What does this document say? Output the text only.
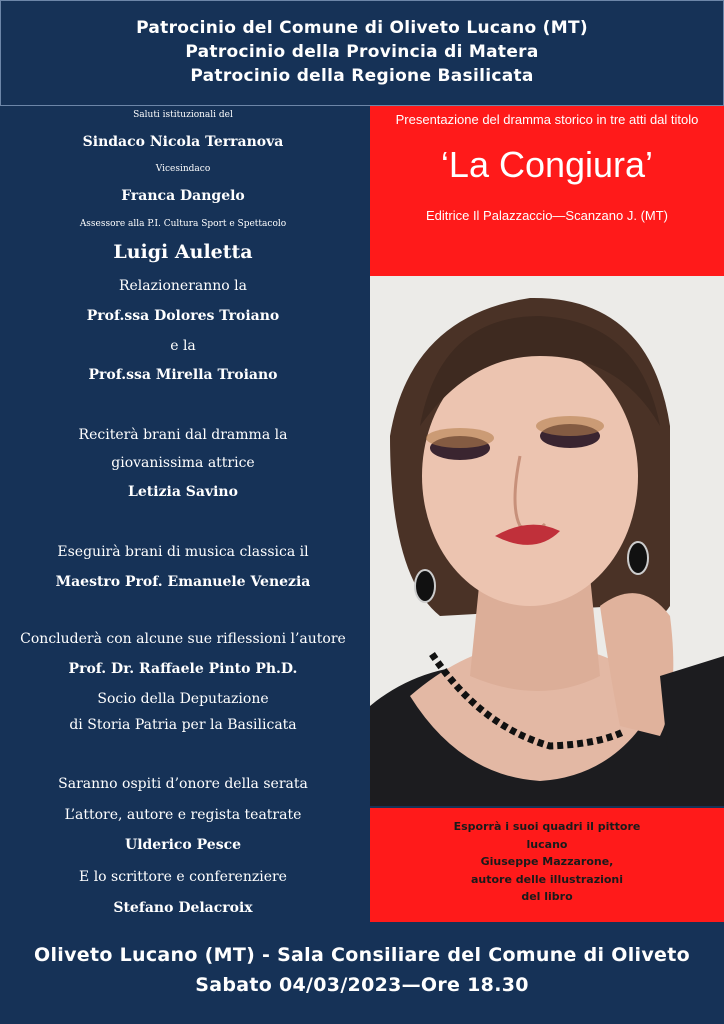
Patrocinio del Comune di Oliveto Lucano (MT)
Patrocinio della Provincia di Matera
Patrocinio della Regione Basilicata
Saluti istituzionali del
Sindaco Nicola Terranova
Vicesindaco
Franca Dangelo
Assessore alla P.I. Cultura Sport e Spettacolo
Luigi Auletta
Relazioneranno la
Prof.ssa Dolores Troiano
e la
Prof.ssa Mirella Troiano
Reciterà brani dal dramma la
giovanissima attrice
Letizia Savino
Eseguirà brani di musica classica il
Maestro Prof. Emanuele Venezia
Concluderà con alcune sue riflessioni l’autore
Prof. Dr. Raffaele Pinto Ph.D.
Socio della Deputazione
di Storia Patria per la Basilicata
Saranno ospiti d’onore della serata
L’attore, autore e regista teatrate
Ulderico Pesce
E lo scrittore e conferenziere
Stefano Delacroix
Presentazione del dramma storico in tre atti dal titolo
‘La Congiura’
Editrice Il Palazzaccio—Scanzano J. (MT)
Esporrà i suoi quadri il pittore
lucano
Giuseppe Mazzarone,
autore delle illustrazioni
del libro
Oliveto Lucano (MT) - Sala Consiliare del Comune di Oliveto
Sabato 04/03/2023—Ore 18.30
